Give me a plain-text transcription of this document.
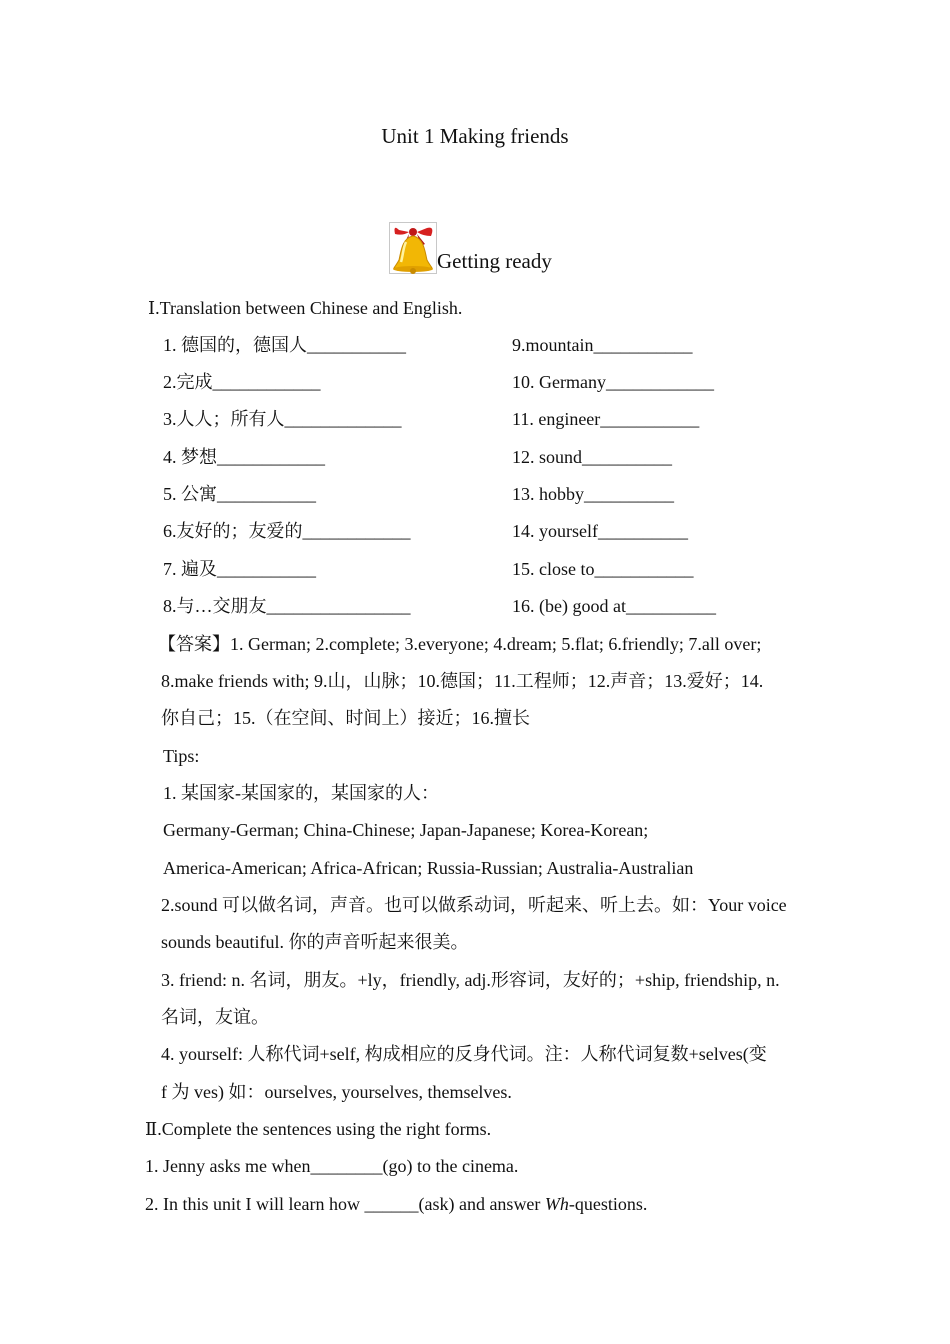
Unit 1 Making friends
Getting ready
Ⅰ.Translation between Chinese and English.
1. 德国的，德国人___________
2.完成____________
3.人人；所有人_____________
4. 梦想____________
5. 公寓___________
6.友好的；友爱的____________
7. 遍及___________
8.与…交朋友________________
9.mountain___________
10. Germany____________
11. engineer___________
12. sound__________
13. hobby__________
14. yourself__________
15. close to___________
16. (be) good at__________
【答案】1. German; 2.complete; 3.everyone; 4.dream; 5.flat; 6.friendly; 7.all over;
8.make friends with; 9.山，山脉；10.德国；11.工程师；12.声音；13.爱好；14.
你自己；15.（在空间、时间上）接近；16.擅长
Tips:
1. 某国家-某国家的，某国家的人：
Germany-German; China-Chinese; Japan-Japanese; Korea-Korean;
America-American; Africa-African; Russia-Russian; Australia-Australian
2.sound 可以做名词，声音。也可以做系动词，听起来、听上去。如：Your voice
sounds beautiful. 你的声音听起来很美。
3. friend: n. 名词，朋友。+ly，friendly, adj.形容词，友好的；+ship, friendship, n.
名词，友谊。
4. yourself: 人称代词+self, 构成相应的反身代词。注：人称代词复数+selves(变
f 为 ves) 如：ourselves, yourselves, themselves.
Ⅱ.Complete the sentences using the right forms.
1. Jenny asks me when________(go) to the cinema.
2. In this unit I will learn how ______(ask) and answer Wh-questions.
